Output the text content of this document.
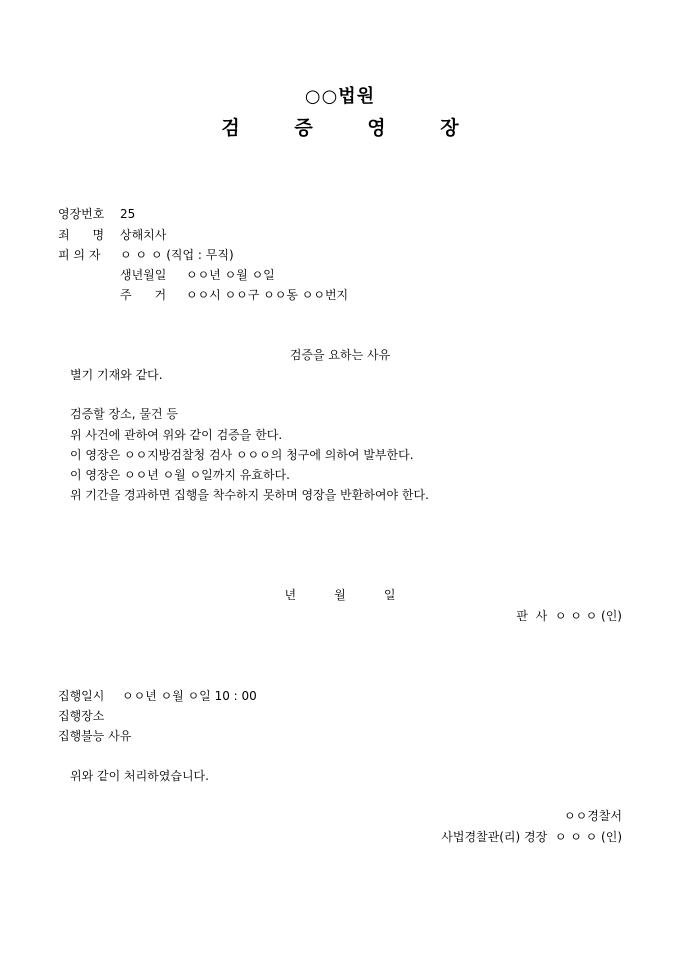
○○법원
검 증 영 장
영장번호 25
죄      명 상해치사
피 의 자 ㅇ ㅇ ㅇ (직업 : 무직)
생년월일 ㅇㅇ년 ㅇ월 ㅇ일
주      거 ㅇㅇ시 ㅇㅇ구 ㅇㅇ동 ㅇㅇ번지
검증을 요하는 사유
별기 기재와 같다.
검증할 장소, 물건 등
위 사건에 관하여 위와 같이 검증을 한다.
이 영장은 ㅇㅇ지방검찰청 검사 ㅇㅇㅇ의 청구에 의하여 발부한다.
이 영장은 ㅇㅇ년 ㅇ월 ㅇ일까지 유효하다.
위 기간을 경과하면 집행을 착수하지 못하며 영장을 반환하여야 한다.
년          월          일
판  사  ㅇ ㅇ ㅇ (인)
집행일시 ㅇㅇ년 ㅇ월 ㅇ일 10 : 00
집행장소
집행불능 사유
위와 같이 처리하였습니다.
ㅇㅇ경찰서
사법경찰관(리) 경장  ㅇ ㅇ ㅇ (인)
